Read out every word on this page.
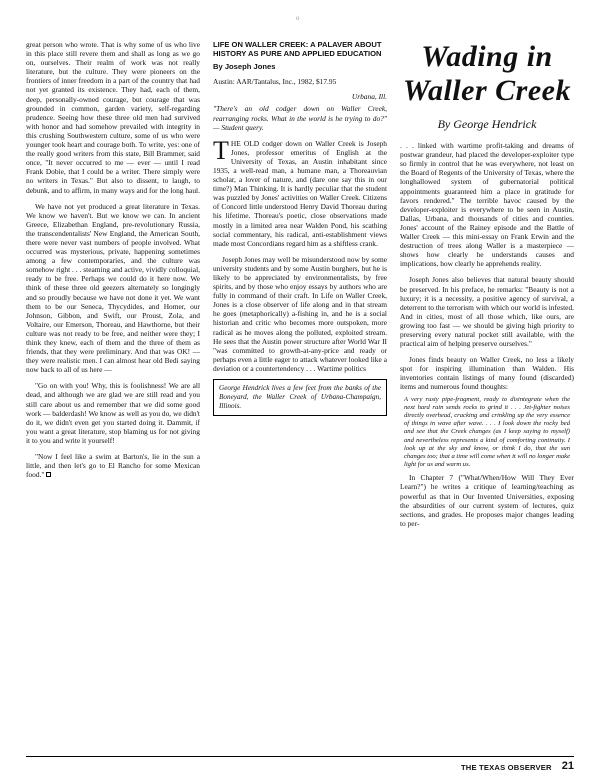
o

great person who wrote. That is why some of us who live in this place still revere them and shall as long as we go on, ourselves. Their realm of work was not really literature, but the culture. They were pioneers on the frontiers of inner freedom in a part of the country that had not yet granted its existence. They had, each of them, deep, personally-owned courage, but courage that was grounded in common, garden variety, self-regarding prudence. Seeing how these three old men had survived with honor and had somehow prevailed with integrity in this crushing Southwestern culture, some of us who were younger took heart and courage both. To write, yes: one of the really good writers from this state, Bill Brammer, said once, "It never occurred to me — ever — until I read Frank Dobie, that I could be a writer. There simply were no writers in Texas." But also to dissent, to laugh, to debunk, and to affirm, in many ways and for the long haul.

We have not yet produced a great literature in Texas. We know we haven't. But we know we can. In ancient Greece, Elizabethan England, pre-revolutionary Russia, the transcendentalists' New England, the American South, there were never vast numbers of people involved. What occurred was mysterious, private, happening sometimes among a few contemporaries, and the culture was somehow right . . . steaming and active, vividly colloquial, ready to be free. Perhaps we could do it here now. We think of these three old geezers alternately so longingly and so proudly because we have not done it yet. We want them to be our Seneca, Thycydides, and Homer, our Johnson, Gibbon, and Swift, our Proust, Zola, and Voltaire, our Emerson, Thoreau, and Hawthorne, but their culture was not ready to be free, and neither were they; I think they knew, each of them and the three of them as friends, that they were preliminary. And that was OK! — they were realistic men. I can almost hear old Bedi saying now back to all of us here —

"Go on with you! Why, this is foolishness! We are all dead, and although we are glad we are still read and you still care about us and remember that we did some good work — balderdash! We know as well as you do, we didn't do it, we didn't even get you started doing it. Dammit, if you want a great literature, stop blaming us for not giving it to you and write it yourself!

"Now I feel like a swim at Barton's, lie in the sun a little, and then let's go to El Rancho for some Mexican food."

LIFE ON WALLER CREEK: A PALAVER ABOUT HISTORY AS PURE AND APPLIED EDUCATION
By Joseph Jones
Austin: AAR/Tantalus, Inc., 1982, $17.95
Urbana, Ill.
"There's an old codger down on Waller Creek, rearranging rocks. What in the world is he trying to do?" — Student query.

THE OLD codger down on Waller Creek is Joseph Jones, professor emeritus of English at the University of Texas, an Austin inhabitant since 1935, a well-read man, a humane man, a Thoreauvian scholar, a lover of nature, and (dare one say this in our time?) Man Thinking. It is hardly peculiar that the student was puzzled by Jones' activities on Waller Creek. Citizens of Concord little understood Henry David Thoreau during his lifetime. Thoreau's poetic, close observations made mostly in a limited area near Walden Pond, his scathing social commentary, his radical, anti-establishment views made most Concordians regard him as a shiftless crank.

Joseph Jones may well be misunderstood now by some university students and by some Austin burghers, but he is likely to be appreciated by environmentalists, by free spirits, and by those who enjoy essays by authors who are fully in command of their craft. In Life on Waller Creek, Jones is a close observer of life along and in that stream he goes (metaphorically) a-fishing in, and he is a social historian and critic who becomes more outspoken, more radical as he moves along the polluted, exploited stream. He sees that the Austin power structure after World War II "was committed to growth-at-any-price and ready or perhaps even a little eager to attack whatever looked like a deviation or a countertendency . . . Wartime politics

George Hendrick lives a few feet from the banks of the Boneyard, the Waller Creek of Urbana-Champaign, Illinois.
Wading in
Waller Creek
By George Hendrick

. . . linked with wartime profit-taking and dreams of postwar grandeur, had placed the developer-exploiter type so firmly in control that he was everywhere, not least on the Board of Regents of the University of Texas, where the longhallowed system of gubernatorial political appointments guaranteed him a place in gratitude for favors rendered." The terrible havoc caused by the developer-exploiter is everywhere to be seen in Austin, Dallas, Urbana, and thousands of cities and counties. Jones' account of the Rainey episode and the Battle of Waller Creek — this mini-essay on Frank Erwin and the destruction of trees along Waller is a masterpiece — shows how clearly he understands causes and implications, how clearly he apprehends reality.

Joseph Jones also believes that natural beauty should be preserved. In his preface, he remarks: "Beauty is not a luxury; it is a necessity, a positive agency of survival, a deterrent to the terrorism with which our world is infested. And in cities, most of all those which, like ours, are growing too fast — we should be giving high priority to preserving every natural pocket still available, with the practical aim of helping preserve ourselves."

Jones finds beauty on Waller Creek, no less a likely spot for inspiring illumination than Walden. His inventories contain listings of many found (discarded) items and numerous found thoughts:

A very rusty pipe-fragment, ready to disintegrate when the next hard rain sends rocks to grind it . . . Jet-fighter noises directly overhead, cracking and crinkling up the very essence of things in wave after wave. . . . I look down the rocky bed and see that the Creek changes (as I keep saying to myself) and nevertheless represents a kind of comforting continuity. I look up at the sky and know, or think I do, that the sun changes too; that a time will come when it will no longer make light for us and warm us.

In Chapter 7 ("What/When/How Will They Ever Learn?") he writes a critique of learning/teaching as powerful as that in Our Invented Universities, exposing the absurdities of our current system of lectures, quiz sections, and grades. He proposes major changes leading to per-

THE TEXAS OBSERVER 21
